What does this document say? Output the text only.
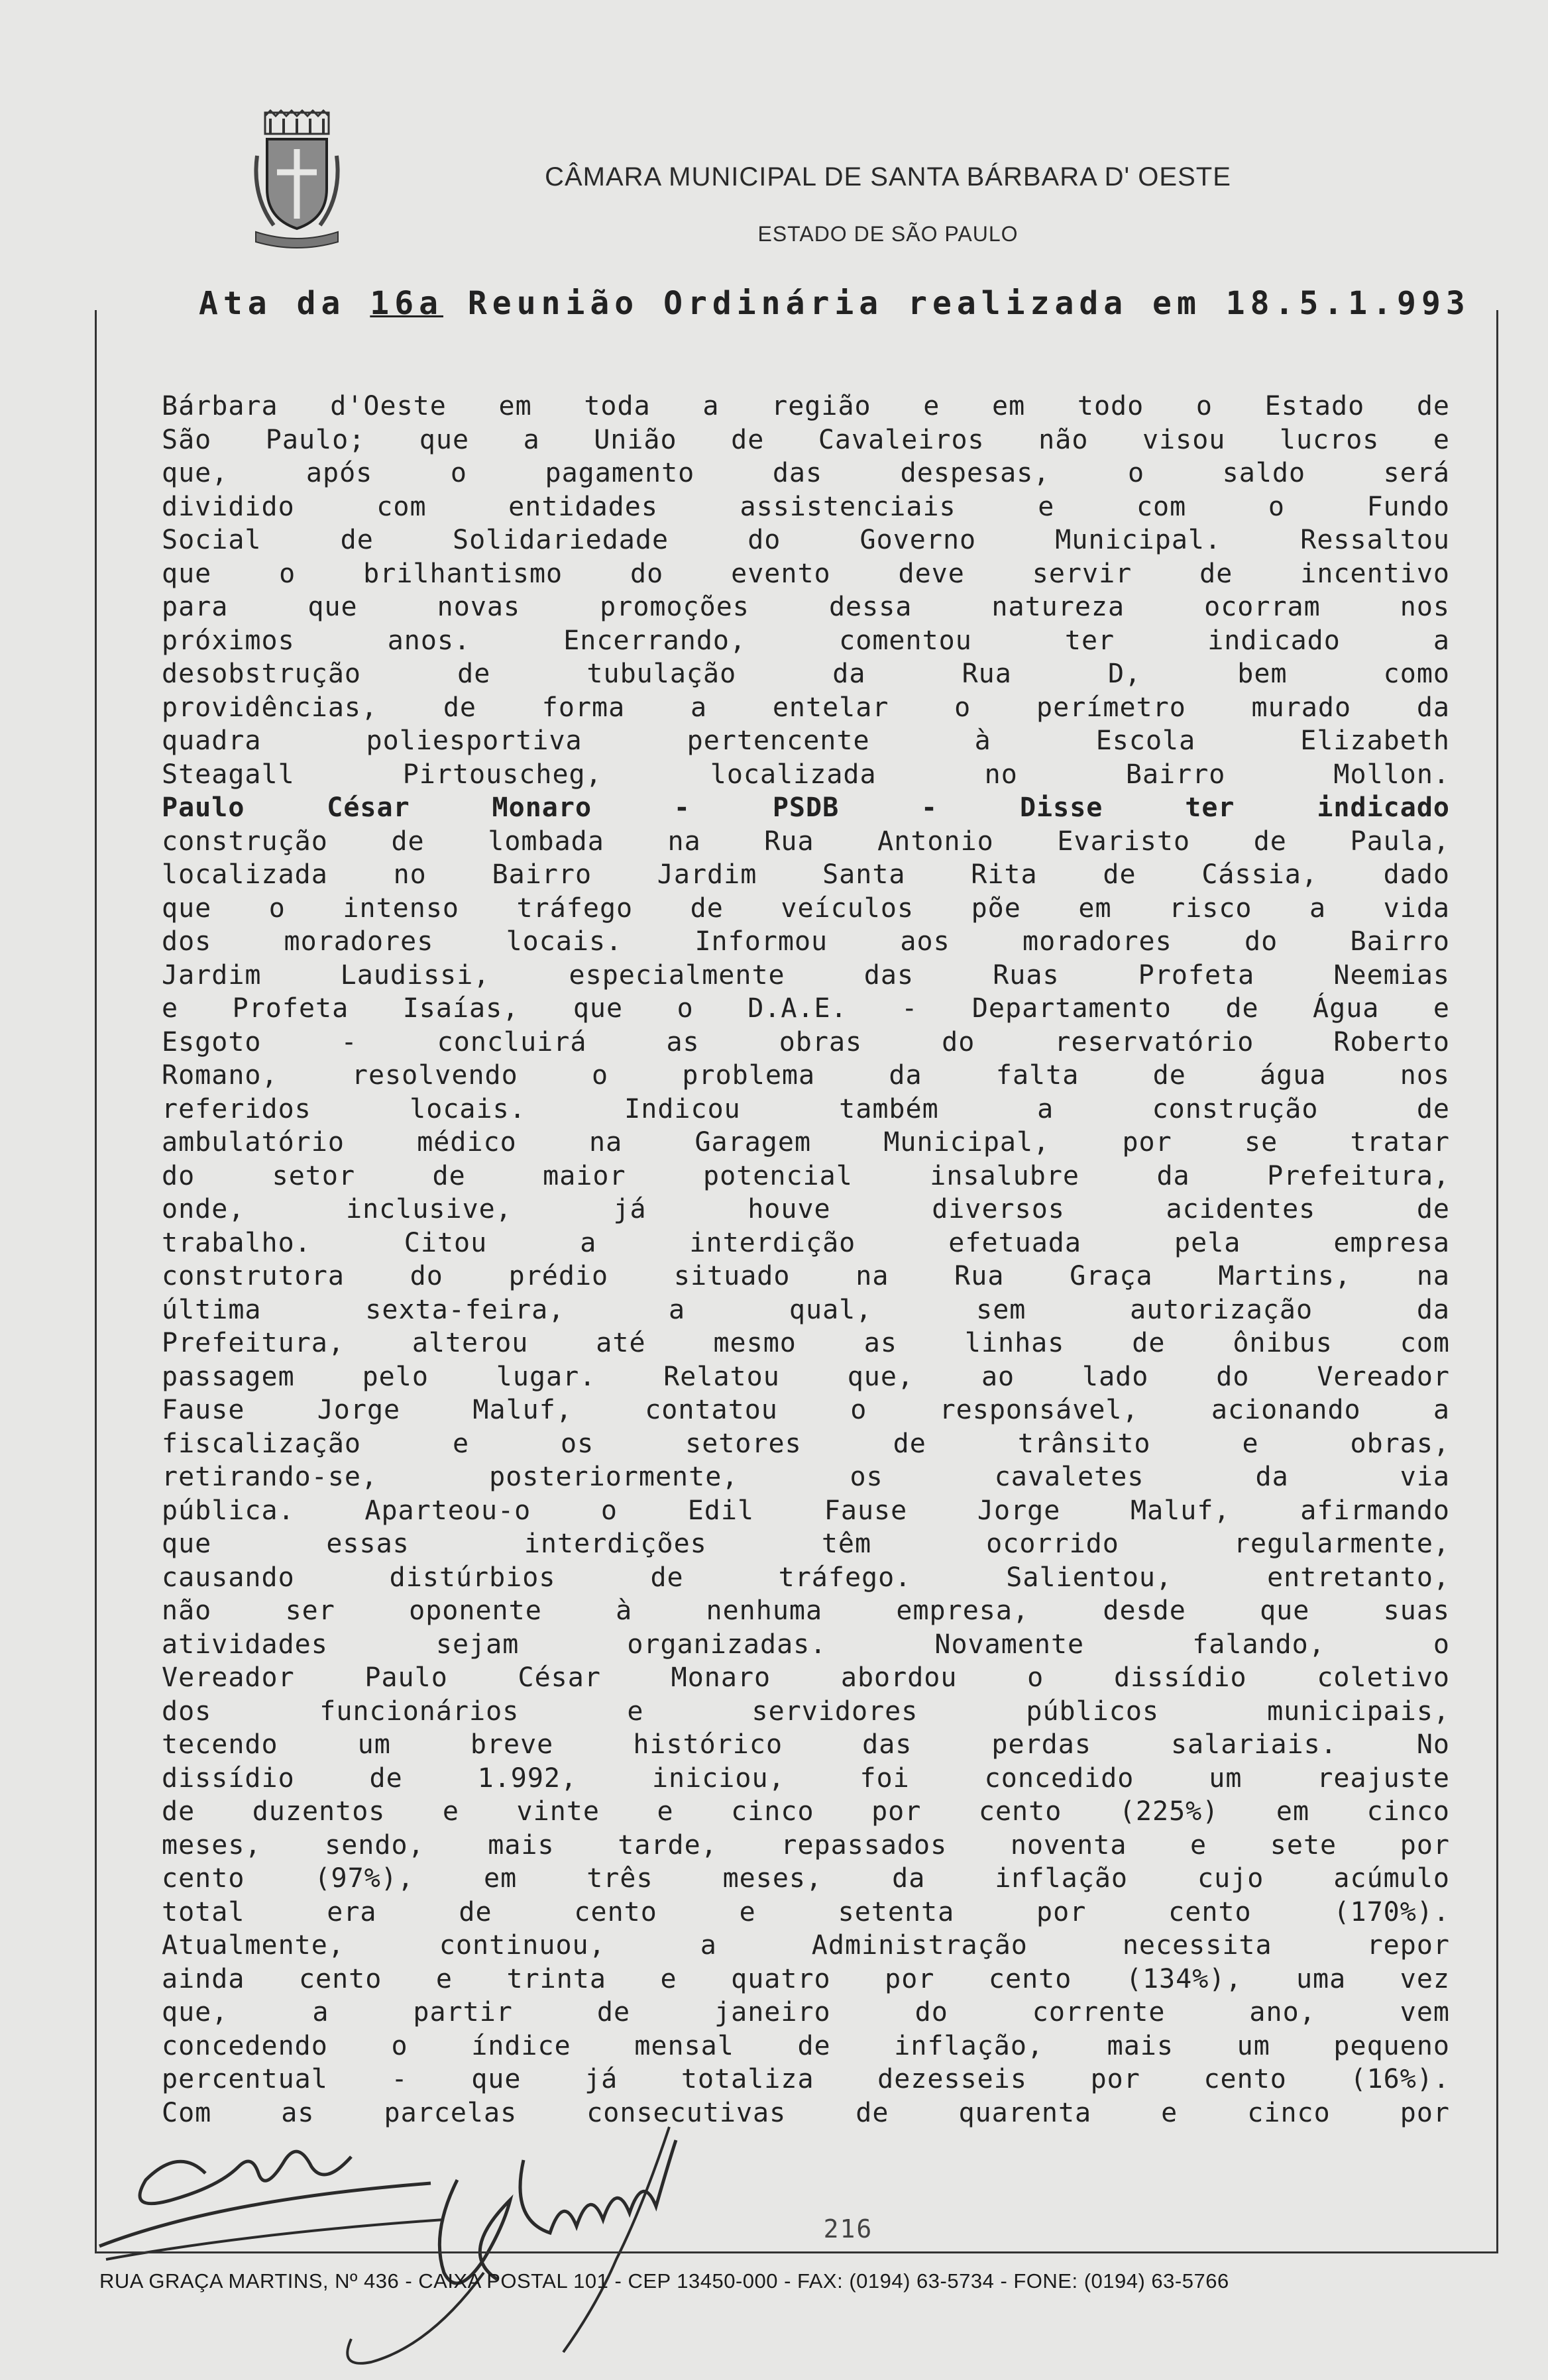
CÂMARA MUNICIPAL DE SANTA BÁRBARA D' OESTE
ESTADO DE SÃO PAULO
Ata da 16a Reunião Ordinária realizada em 18.5.1.993
Bárbara d'Oeste em toda a região e em todo o Estado de
São Paulo; que a União de Cavaleiros não visou lucros e
que, após o pagamento das despesas, o saldo será
dividido com entidades assistenciais e com o Fundo
Social de Solidariedade do Governo Municipal. Ressaltou
que o brilhantismo do evento deve servir de incentivo
para que novas promoções dessa natureza ocorram nos
próximos anos. Encerrando, comentou ter indicado a
desobstrução de tubulação da Rua D, bem como
providências, de forma a entelar o perímetro murado da
quadra poliesportiva pertencente à Escola Elizabeth
Steagall Pirtouscheg, localizada no Bairro Mollon.
Paulo César Monaro - PSDB - Disse ter indicado
construção de lombada na Rua Antonio Evaristo de Paula,
localizada no Bairro Jardim Santa Rita de Cássia, dado
que o intenso tráfego de veículos põe em risco a vida
dos moradores locais. Informou aos moradores do Bairro
Jardim Laudissi, especialmente das Ruas Profeta Neemias
e Profeta Isaías, que o D.A.E. - Departamento de Água e
Esgoto - concluirá as obras do reservatório Roberto
Romano, resolvendo o problema da falta de água nos
referidos locais. Indicou também a construção de
ambulatório médico na Garagem Municipal, por se tratar
do setor de maior potencial insalubre da Prefeitura,
onde, inclusive, já houve diversos acidentes de
trabalho. Citou a interdição efetuada pela empresa
construtora do prédio situado na Rua Graça Martins, na
última sexta-feira, a qual, sem autorização da
Prefeitura, alterou até mesmo as linhas de ônibus com
passagem pelo lugar. Relatou que, ao lado do Vereador
Fause Jorge Maluf, contatou o responsável, acionando a
fiscalização e os setores de trânsito e obras,
retirando-se, posteriormente, os cavaletes da via
pública. Aparteou-o o Edil Fause Jorge Maluf, afirmando
que essas interdições têm ocorrido regularmente,
causando distúrbios de tráfego. Salientou, entretanto,
não ser oponente à nenhuma empresa, desde que suas
atividades sejam organizadas. Novamente falando, o
Vereador Paulo César Monaro abordou o dissídio coletivo
dos funcionários e servidores públicos municipais,
tecendo um breve histórico das perdas salariais. No
dissídio de 1.992, iniciou, foi concedido um reajuste
de duzentos e vinte e cinco por cento (225%) em cinco
meses, sendo, mais tarde, repassados noventa e sete por
cento (97%), em três meses, da inflação cujo acúmulo
total era de cento e setenta por cento (170%).
Atualmente, continuou, a Administração necessita repor
ainda cento e trinta e quatro por cento (134%), uma vez
que, a partir de janeiro do corrente ano, vem
concedendo o índice mensal de inflação, mais um pequeno
percentual - que já totaliza dezesseis por cento (16%).
Com as parcelas consecutivas de quarenta e cinco por
216
RUA GRAÇA MARTINS, Nº 436 - CAIXA POSTAL 101 - CEP 13450-000 - FAX: (0194) 63-5734 - FONE: (0194) 63-5766
